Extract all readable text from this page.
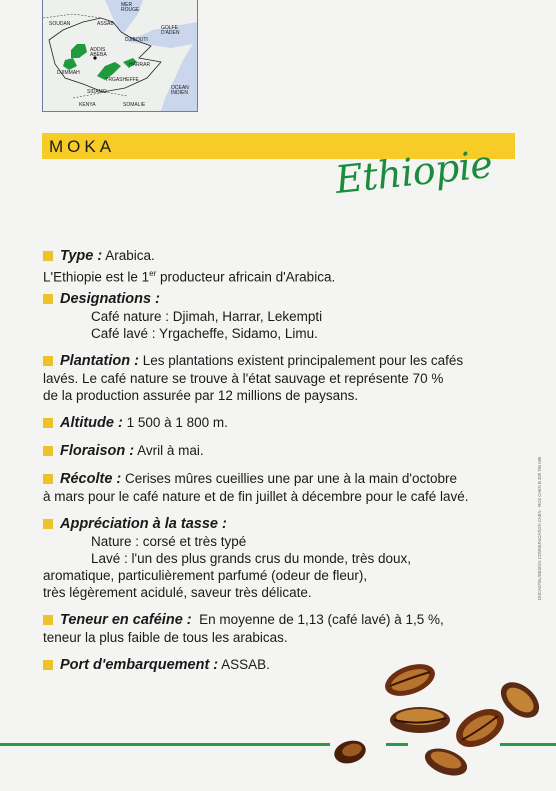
MER
ROUGE
SOUDAN	ASSAB
DJIBOUTI
GOLFE
D'ADEN
ADDIS
ABEBA
HARRAR
DJIMMAH
YRGASHEFFE
SIDAMO
OCEAN
INDIEN
KENYA	SOMALIE
MOKA	Ethiopie
Type : Arabica.
L'Ethiopie est le 1er producteur africain d'Arabica.
Designations :
Café nature : Djimah, Harrar, Lekempti
Café lavé : Yrgacheffe, Sidamo, Limu.
Plantation : Les plantations existent principalement pour les cafés
lavés. Le café nature se trouve à l'état sauvage et représente 70 %
de la production assurée par 12 millions de paysans.
Altitude : 1 500 à 1 800 m.
Floraison : Avril à mai.
Récolte : Cerises mûres cueillies une par une à la main d'octobre
à mars pour le café nature et de fin juillet à décembre pour le café lavé.
Appréciation à la tasse :
Nature : corsé et très typé
Lavé : l'un des plus grands crus du monde, très doux,
aromatique, particulièrement parfumé (odeur de fleur),
très légèrement acidulé, saveur très délicate.
Teneur en caféine : En moyenne de 1,13 (café lavé) à 1,5 %,
teneur la plus faible de tous les arabicas.
Port d'embarquement : ASSAB.
DUCASTEL/DESIGN COMMUNICATION CAEN · RCS CAEN B 328 784 095
